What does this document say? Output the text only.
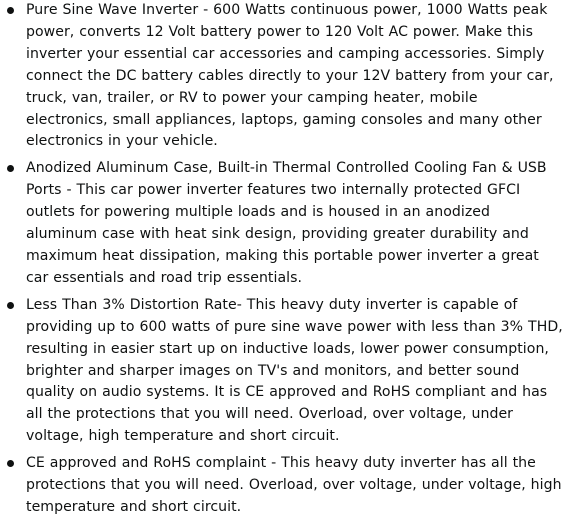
Pure Sine Wave Inverter - 600 Watts continuous power, 1000 Watts peak power, converts 12 Volt battery power to 120 Volt AC power. Make this inverter your essential car accessories and camping accessories. Simply connect the DC battery cables directly to your 12V battery from your car, truck, van, trailer, or RV to power your camping heater, mobile electronics, small appliances, laptops, gaming consoles and many other electronics in your vehicle.
Anodized Aluminum Case, Built-in Thermal Controlled Cooling Fan & USB Ports - This car power inverter features two internally protected GFCI outlets for powering multiple loads and is housed in an anodized aluminum case with heat sink design, providing greater durability and maximum heat dissipation, making this portable power inverter a great car essentials and road trip essentials.
Less Than 3% Distortion Rate- This heavy duty inverter is capable of providing up to 600 watts of pure sine wave power with less than 3% THD, resulting in easier start up on inductive loads, lower power consumption, brighter and sharper images on TV's and monitors, and better sound quality on audio systems. It is CE approved and RoHS compliant and has all the protections that you will need. Overload, over voltage, under voltage, high temperature and short circuit.
CE approved and RoHS complaint - This heavy duty inverter has all the protections that you will need. Overload, over voltage, under voltage, high temperature and short circuit.
